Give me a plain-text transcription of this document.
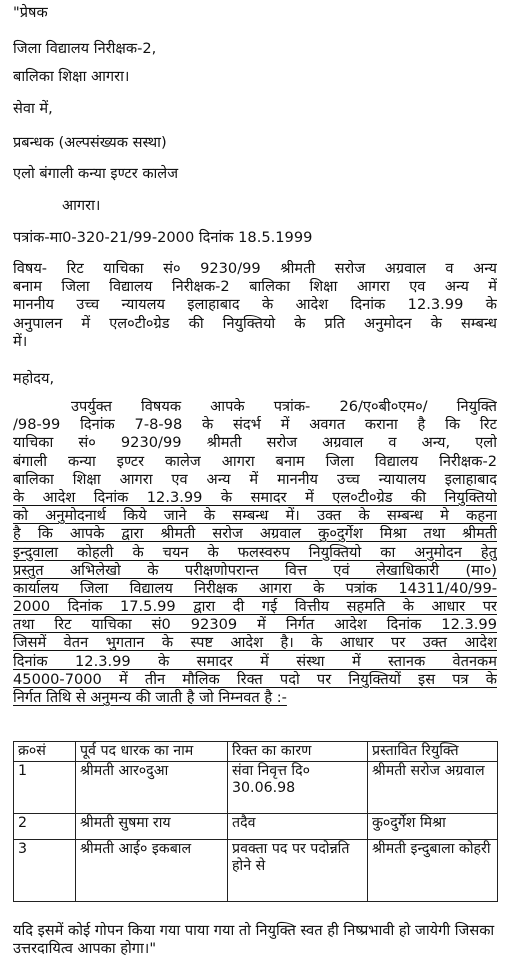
"प्रेषक
जिला विद्यालय निरीक्षक-2,
बालिका शिक्षा आगरा।
सेवा में,
प्रबन्धक (अल्पसंख्यक सस्था)
एलो बंगाली कन्या इण्टर कालेज
आगरा।
पत्रांक-मा0-320-21/99-2000 दिनांक 18.5.1999
विषय- रिट याचिका सं० 9230/99 श्रीमती सरोज अग्रवाल व अन्य
बनाम जिला विद्यालय निरीक्षक-2 बालिका शिक्षा आगरा एव अन्य में
माननीय उच्च न्यायलय इलाहाबाद के आदेश दिनांक 12.3.99 के
अनुपालन में एल०टी०ग्रेड की नियुक्तियो के प्रति अनुमोदन के सम्बन्ध
में।
महोदय,
उपर्युक्त विषयक आपके पत्रांक- 26/ए०बी०एम०/ नियुक्ति
/98-99 दिनांक 7-8-98 के संदर्भ में अवगत कराना है कि रिट
याचिका सं० 9230/99 श्रीमती सरोज अग्रवाल व अन्य, एलो
बंगाली कन्या इण्टर कालेज आगरा बनाम जिला विद्यालय निरीक्षक-2
बालिका शिक्षा आगरा एव अन्य में माननीय उच्च न्यायालय इलाहाबाद
के आदेश दिनांक 12.3.99 के समादर में एल०टी०ग्रेड की नियुक्तियो
को अनुमोदनार्थ किये जाने के सम्बन्ध में। उक्त के सम्बन्ध मे कहना
है कि आपके द्वारा श्रीमती सरोज अग्रवाल कु०दुर्गेश मिश्रा तथा श्रीमती
इन्दुवाला कोहली के चयन के फलस्वरुप नियुक्तियो का अनुमोदन हेतु
प्रस्तुत अभिलेखो के परीक्षणोपरान्त वित्त एवं लेखाधिकारी (मा०)
कार्यालय जिला विद्यालय निरीक्षक आगरा के पत्रांक 14311/40/99-
2000 दिनांक 17.5.99 द्वारा दी गई वित्तीय सहमति के आधार पर
तथा रिट याचिका सं0 92309 में निर्गत आदेश दिनांक 12.3.99
जिसमें वेतन भुगतान के स्पष्ट आदेश है। के आधार पर उक्त आदेश
दिनांक 12.3.99 के समादर में संस्था में स्तानक वेतनकम
45000-7000 में तीन मौलिक रिक्त पदो पर नियुक्तियों इस पत्र के
निर्गत तिथि से अनुमन्य की जाती है जो निम्नवत है :-
क्र०सं	पूर्व पद धारक का नाम	रिक्त का कारण	प्रस्तावित रियुक्ति
1	श्रीमती आर०दुआ	संवा निवृत्त दि० 30.06.98	श्रीमती सरोज अग्रवाल
2	श्रीमती सुषमा राय	तदैव	कु०दुर्गेश मिश्रा
3	श्रीमती आई० इकबाल	प्रवक्ता पद पर पदोन्नति होने से	श्रीमती इन्दुबाला कोहरी
यदि इसमें कोई गोपन किया गया पाया गया तो नियुक्ति स्वत ही निष्प्रभावी हो जायेगी जिसका उत्तरदायित्व आपका होगा।"
